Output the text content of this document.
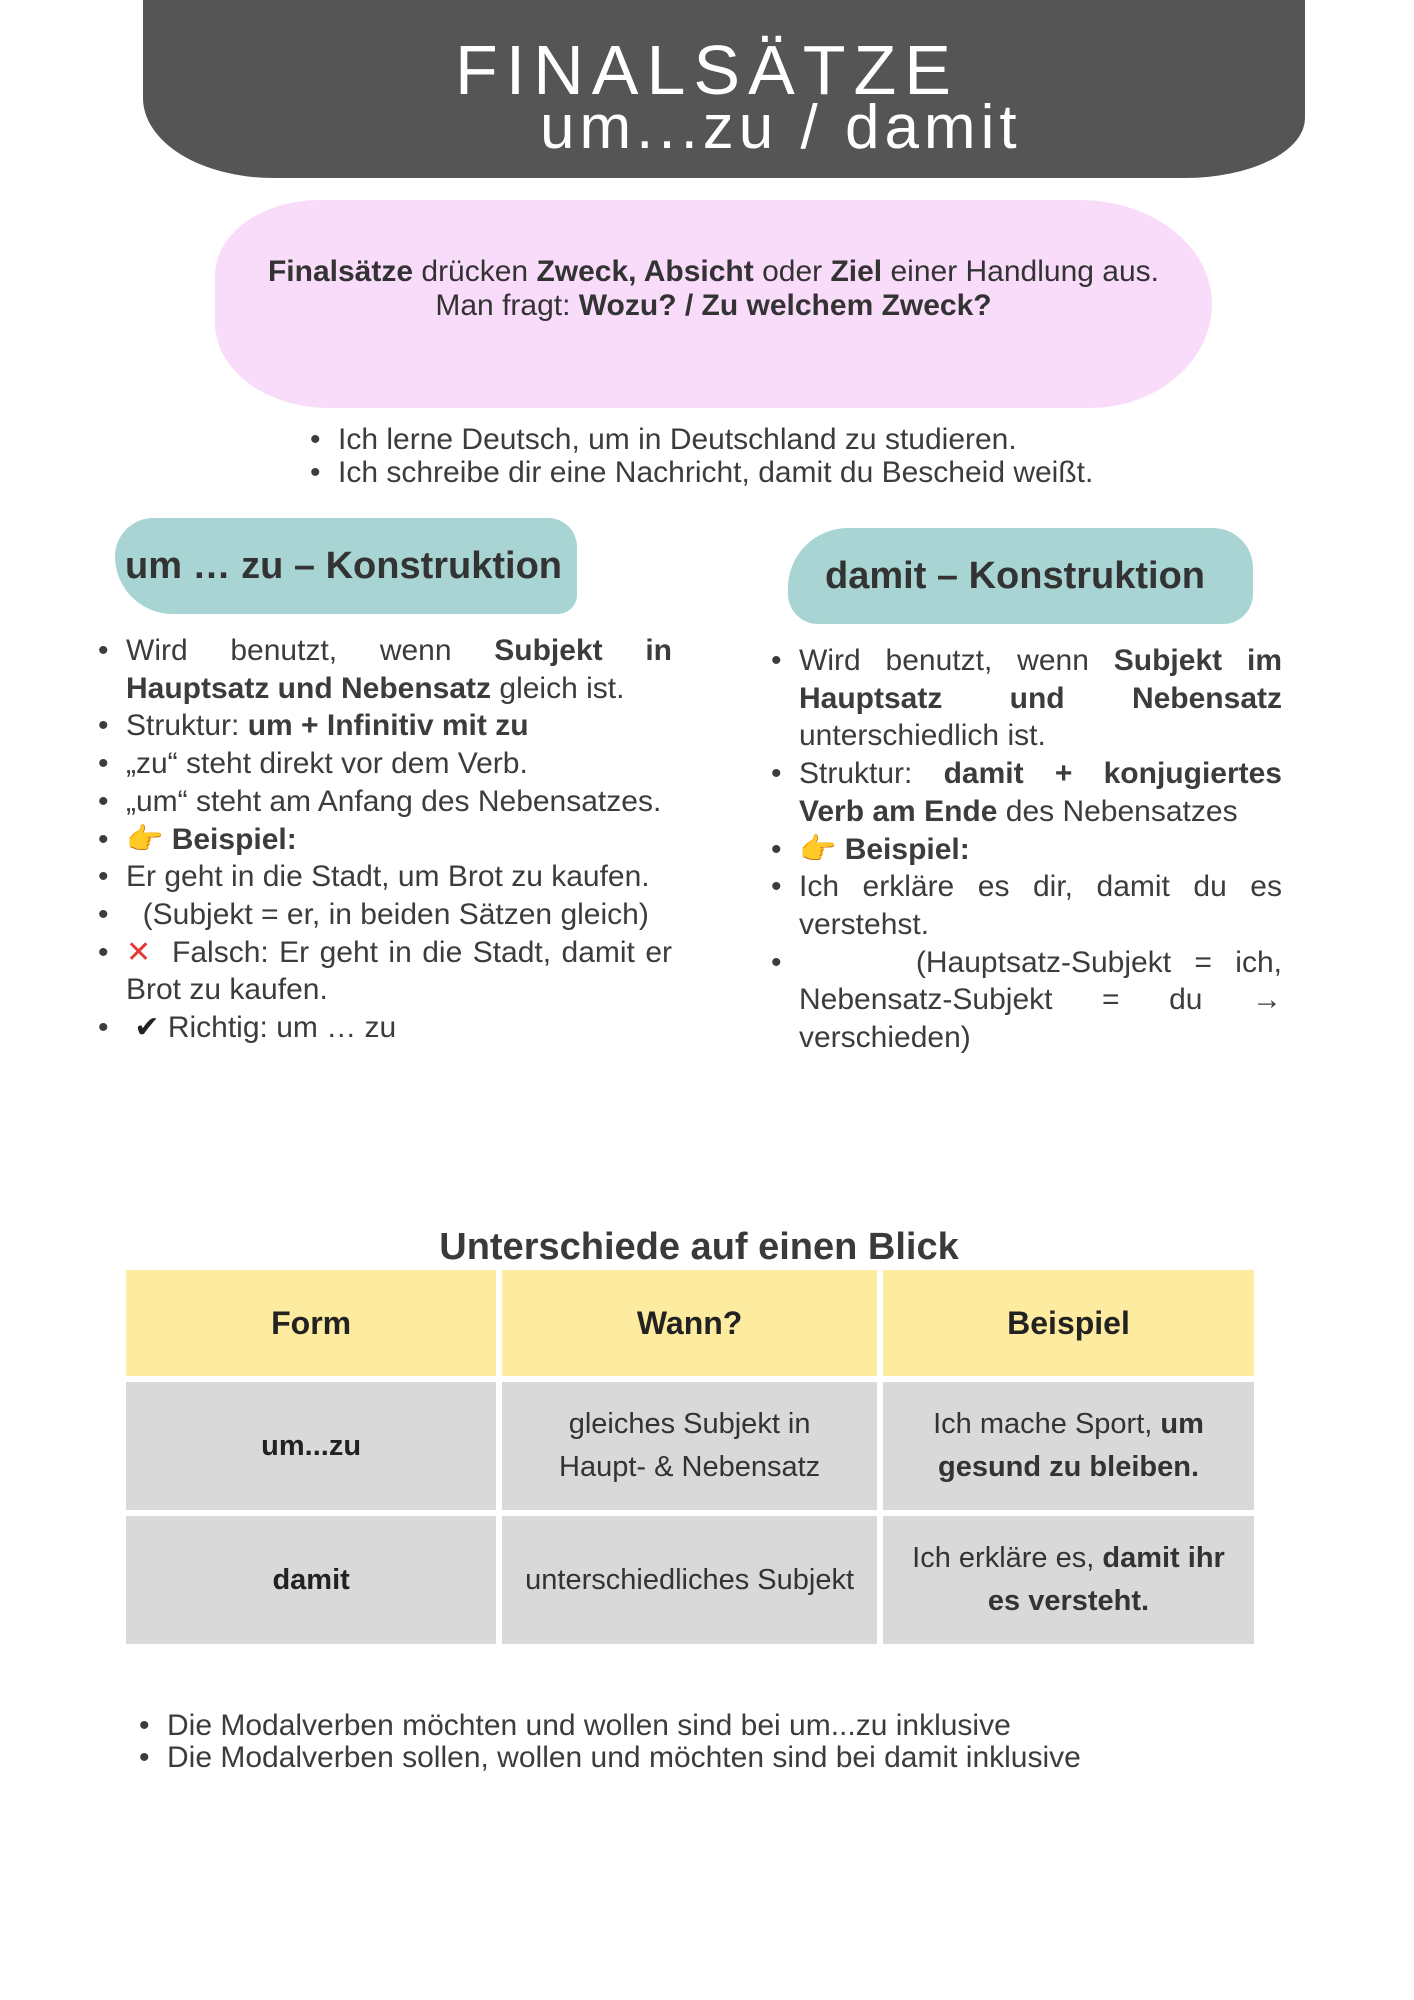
FINALSÄTZE
um...zu / damit
Finalsätze drücken Zweck, Absicht oder Ziel einer Handlung aus.
Man fragt: Wozu? / Zu welchem Zweck?
• Ich lerne Deutsch, um in Deutschland zu studieren.
• Ich schreibe dir eine Nachricht, damit du Bescheid weißt.
um … zu – Konstruktion
• Wird benutzt, wenn Subjekt in Hauptsatz und Nebensatz gleich ist.
• Struktur: um + Infinitiv mit zu
• „zu“ steht direkt vor dem Verb.
• „um“ steht am Anfang des Nebensatzes.
• 👉 Beispiel:
• Er geht in die Stadt, um Brot zu kaufen.
• (Subjekt = er, in beiden Sätzen gleich)
• ✕ Falsch: Er geht in die Stadt, damit er Brot zu kaufen.
• ✔ Richtig: um … zu
damit – Konstruktion
• Wird benutzt, wenn Subjekt im Hauptsatz und Nebensatz unterschiedlich ist.
• Struktur: damit + konjugiertes Verb am Ende des Nebensatzes
• 👉 Beispiel:
• Ich erkläre es dir, damit du es verstehst.
• (Hauptsatz-Subjekt = ich, Nebensatz-Subjekt = du → verschieden)
Unterschiede auf einen Blick
Form	Wann?	Beispiel
um...zu	gleiches Subjekt in Haupt- & Nebensatz	Ich mache Sport, um gesund zu bleiben.
damit	unterschiedliches Subjekt	Ich erkläre es, damit ihr es versteht.
• Die Modalverben möchten und wollen sind bei um...zu inklusive
• Die Modalverben sollen, wollen und möchten sind bei damit inklusive
